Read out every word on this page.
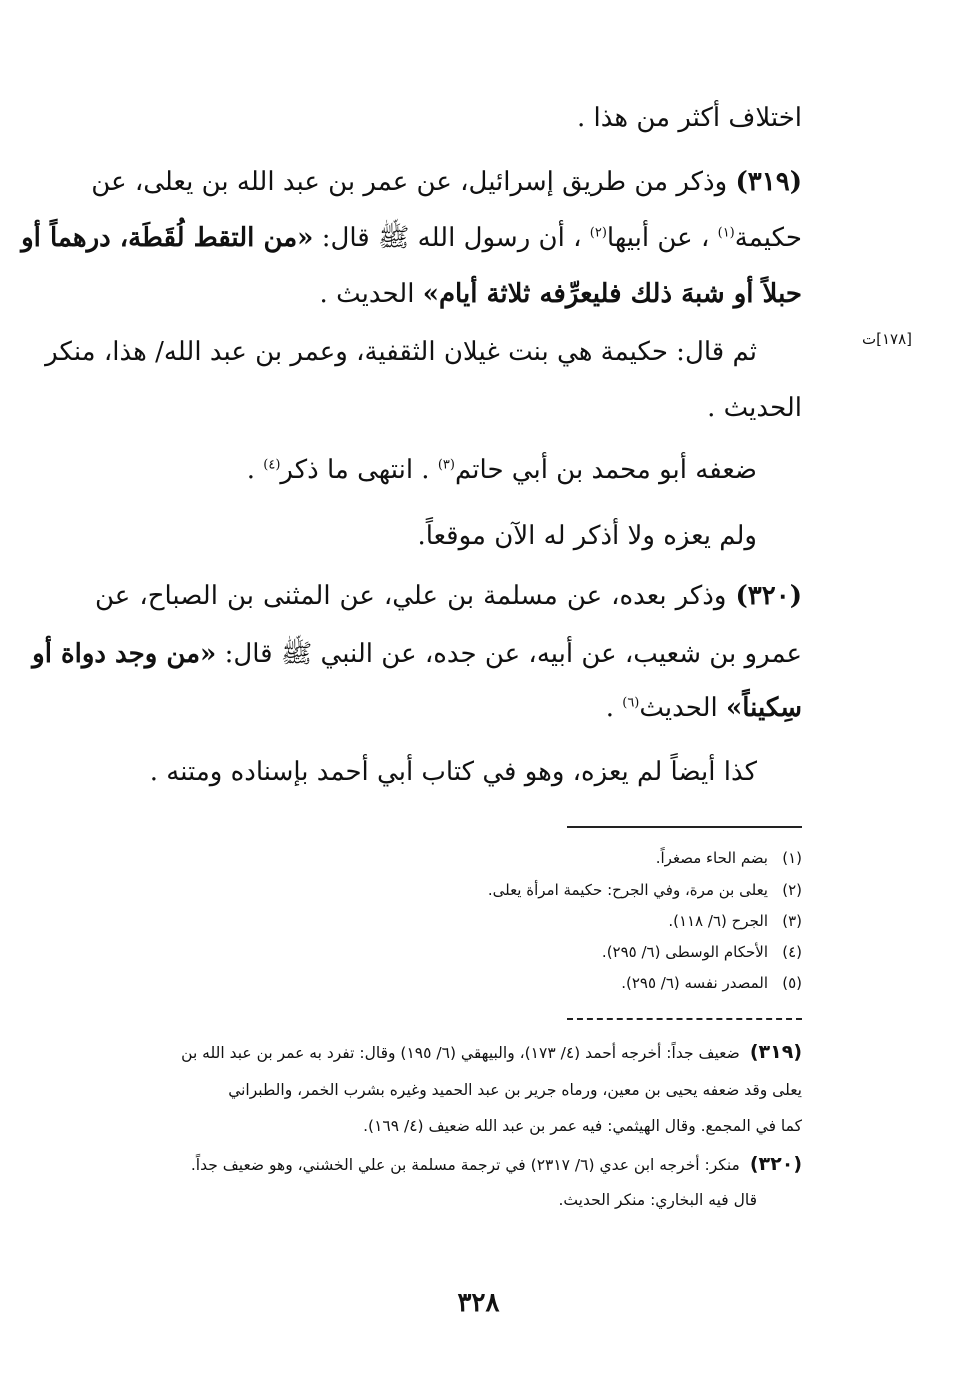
[١٧٨]ت
اختلاف أكثر من هذا .
(٣١٩) وذكر من طريق إسرائيل، عن عمر بن عبد الله بن يعلى، عن
حكيمة$^{(١)}$ ، عن أبيها$^{(٢)}$ ، أن رسول الله ﷺ قال: «من التقط لُقَطَة، درهماً أو
حبلاً أو شبهَ ذلك فليعرِّفه ثلاثة أيام» الحديث .
ثم قال: حكيمة هي بنت غيلان الثقفية، وعمر بن عبد الله/ هذا، منكر
الحديث .
ضعفه أبو محمد بن أبي حاتم$^{(٣)}$ . انتهى ما ذكر$^{(٤)}$ .
ولم يعزه ولا أذكر له الآن موقعاً.
(٣٢٠) وذكر بعده، عن مسلمة بن علي، عن المثنى بن الصباح، عن
عمرو بن شعيب، عن أبيه، عن جده، عن النبي ﷺ قال: «من وجد دواة أو
سِكيناً» الحديث$^{(٦)}$ .
كذا أيضاً لم يعزه، وهو في كتاب أبي أحمد بإسناده ومتنه .
(١)بضم الحاء مصغراً.
(٢)يعلى بن مرة، وفي الجرح: حكيمة امرأة يعلى.
(٣)الجرح (٦/ ١١٨).
(٤)الأحكام الوسطى (٦/ ٢٩٥).
(٥)المصدر نفسه (٦/ ٢٩٥).
(٣١٩)ضعيف جداً: أخرجه أحمد (٤/ ١٧٣)، والبيهقي (٦/ ١٩٥) وقال: تفرد به عمر بن عبد الله بن
يعلى وقد ضعفه يحيى بن معين، ورماه جرير بن عبد الحميد وغيره بشرب الخمر، والطبراني
كما في المجمع. وقال الهيثمي: فيه عمر بن عبد الله ضعيف (٤/ ١٦٩).
(٣٢٠)منكر: أخرجه ابن عدي (٦/ ٢٣١٧) في ترجمة مسلمة بن علي الخشني، وهو ضعيف جداً.
قال فيه البخاري: منكر الحديث.
٣٢٨
